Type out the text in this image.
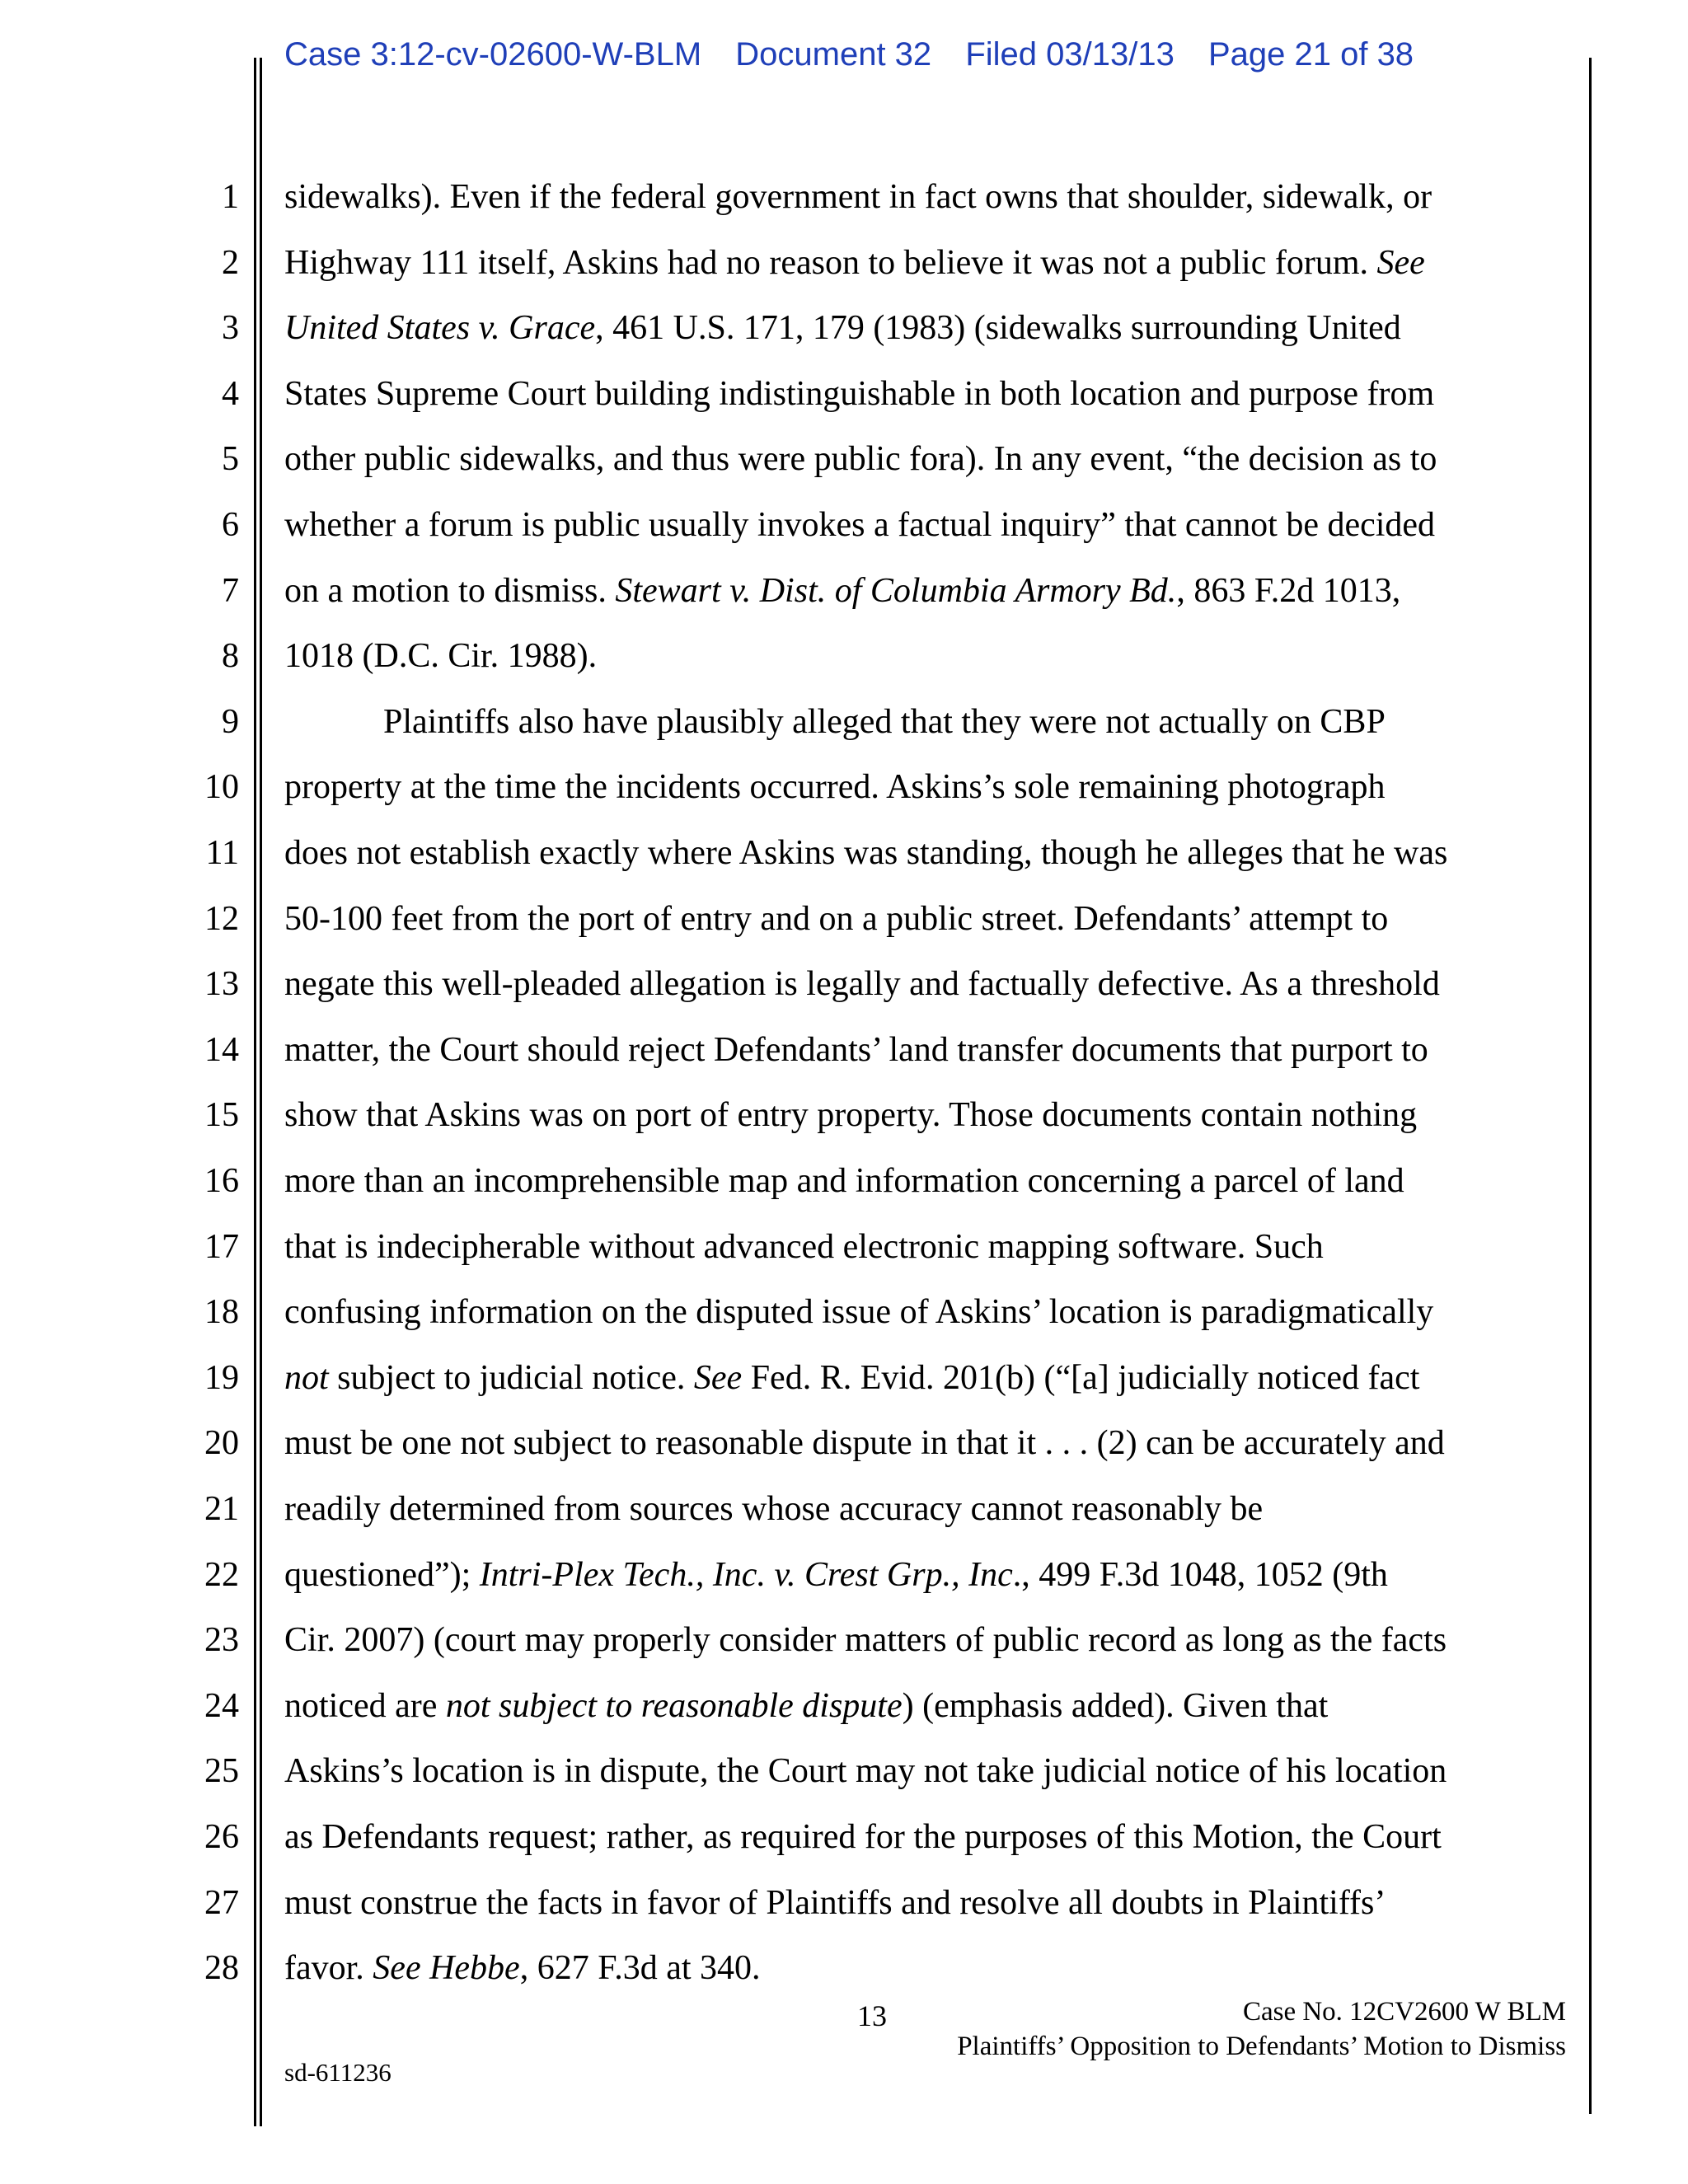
Case 3:12-cv-02600-W-BLM Document 32 Filed 03/13/13 Page 21 of 38
1
2
3
4
5
6
7
8
9
10
11
12
13
14
15
16
17
18
19
20
21
22
23
24
25
26
27
28
sidewalks). Even if the federal government in fact owns that shoulder, sidewalk, or
Highway 111 itself, Askins had no reason to believe it was not a public forum. See
United States v. Grace, 461 U.S. 171, 179 (1983) (sidewalks surrounding United
States Supreme Court building indistinguishable in both location and purpose from
other public sidewalks, and thus were public fora). In any event, “the decision as to
whether a forum is public usually invokes a factual inquiry” that cannot be decided
on a motion to dismiss. Stewart v. Dist. of Columbia Armory Bd., 863 F.2d 1013,
1018 (D.C. Cir. 1988).
Plaintiffs also have plausibly alleged that they were not actually on CBP
property at the time the incidents occurred. Askins’s sole remaining photograph
does not establish exactly where Askins was standing, though he alleges that he was
50-100 feet from the port of entry and on a public street. Defendants’ attempt to
negate this well-pleaded allegation is legally and factually defective. As a threshold
matter, the Court should reject Defendants’ land transfer documents that purport to
show that Askins was on port of entry property. Those documents contain nothing
more than an incomprehensible map and information concerning a parcel of land
that is indecipherable without advanced electronic mapping software. Such
confusing information on the disputed issue of Askins’ location is paradigmatically
not subject to judicial notice. See Fed. R. Evid. 201(b) (“[a] judicially noticed fact
must be one not subject to reasonable dispute in that it . . . (2) can be accurately and
readily determined from sources whose accuracy cannot reasonably be
questioned”); Intri-Plex Tech., Inc. v. Crest Grp., Inc., 499 F.3d 1048, 1052 (9th
Cir. 2007) (court may properly consider matters of public record as long as the facts
noticed are not subject to reasonable dispute) (emphasis added). Given that
Askins’s location is in dispute, the Court may not take judicial notice of his location
as Defendants request; rather, as required for the purposes of this Motion, the Court
must construe the facts in favor of Plaintiffs and resolve all doubts in Plaintiffs’
favor. See Hebbe, 627 F.3d at 340.
13	Case No. 12CV2600 W BLM
Plaintiffs’ Opposition to Defendants’ Motion to Dismiss
sd-611236
